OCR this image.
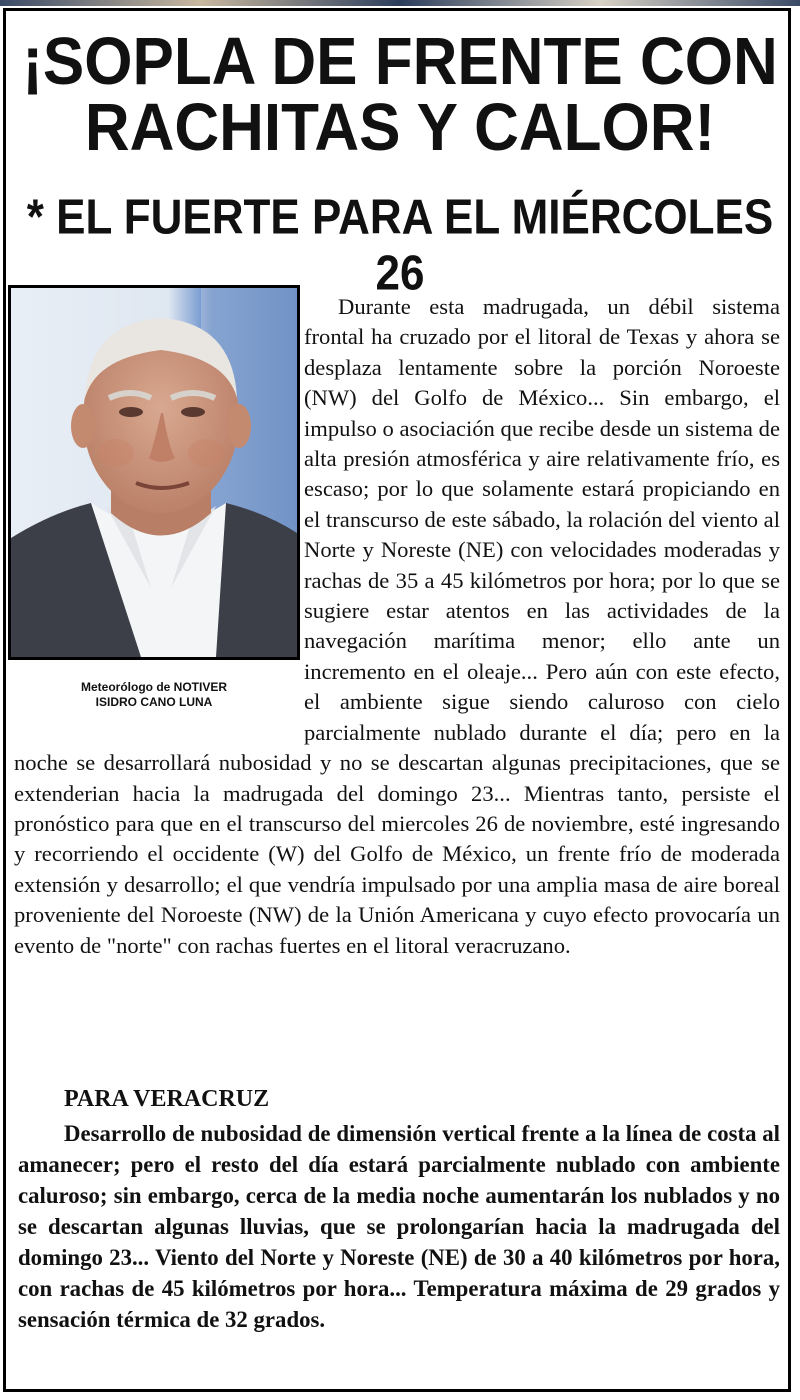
¡SOPLA DE FRENTE CON
RACHITAS Y CALOR!
* EL FUERTE PARA EL MIÉRCOLES 26
Meteorólogo de NOTIVER
ISIDRO CANO LUNA

Durante esta madrugada, un débil sistema frontal ha cruzado por el litoral de Texas y ahora se desplaza lentamente sobre la porción Noroeste (NW) del Golfo de México... Sin embargo, el impulso o asociación que recibe desde un sistema de alta presión atmosférica y aire relativamente frío, es escaso; por lo que solamente estará propiciando en el transcurso de este sábado, la rolación del viento al Norte y Noreste (NE) con velocidades moderadas y rachas de 35 a 45 kilómetros por hora; por lo que se sugiere estar atentos en las actividades de la navegación marítima menor; ello ante un incremento en el oleaje... Pero aún con este efecto, el ambiente sigue siendo caluroso con cielo parcialmente nublado durante el día; pero en la noche se desarrollará nubosidad y no se descartan algunas precipitaciones, que se extenderian hacia la madrugada del domingo 23... Mientras tanto, persiste el pronóstico para que en el transcurso del miercoles 26 de noviembre, esté ingresando y recorriendo el occidente (W) del Golfo de México, un frente frío de moderada extensión y desarrollo; el que vendría impulsado por una amplia masa de aire boreal proveniente del Noroeste (NW) de la Unión Americana y cuyo efecto provocaría un evento de "norte" con rachas fuertes en el litoral veracruzano.

PARA VERACRUZ

Desarrollo de nubosidad de dimensión vertical frente a la línea de costa al amanecer; pero el resto del día estará parcialmente nublado con ambiente caluroso; sin embargo, cerca de la media noche aumentarán los nublados y no se descartan algunas lluvias, que se prolongarían hacia la madrugada del domingo 23... Viento del Norte y Noreste (NE) de 30 a 40 kilómetros por hora, con rachas de 45 kilómetros por hora... Temperatura máxima de 29 grados y sensación térmica de 32 grados.
